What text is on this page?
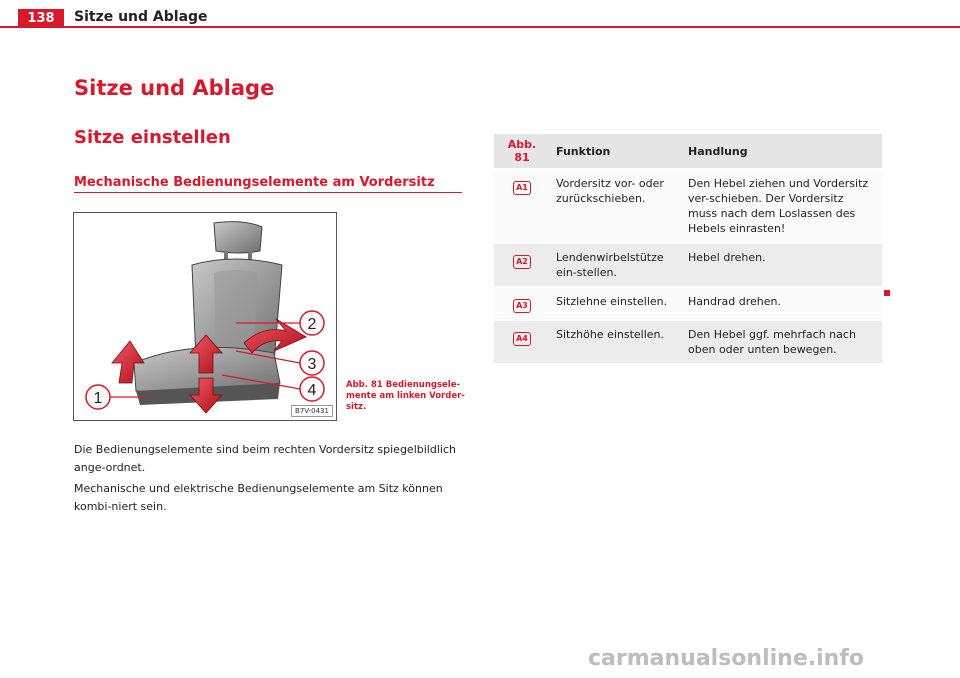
138	Sitze und Ablage
Sitze und Ablage
Sitze einstellen
Mechanische Bedienungselemente am Vordersitz
2
3
4
1
B7V-0431
Abb. 81 Bedienungsele-mente am linken Vorder-sitz.
Die Bedienungselemente sind beim rechten Vordersitz spiegelbildlich ange-ordnet.
Mechanische und elektrische Bedienungselemente am Sitz können kombi-niert sein.
Abb. 81	Funktion	Handlung
A1	Vordersitz vor- oder zurückschieben.	Den Hebel ziehen und Vordersitz ver-schieben. Der Vordersitz muss nach dem Loslassen des Hebels einrasten!
A2	Lendenwirbelstütze ein-stellen.	Hebel drehen.
A3	Sitzlehne einstellen.	Handrad drehen.
A4	Sitzhöhe einstellen.	Den Hebel ggf. mehrfach nach oben oder unten bewegen.
carmanualsonline.info
